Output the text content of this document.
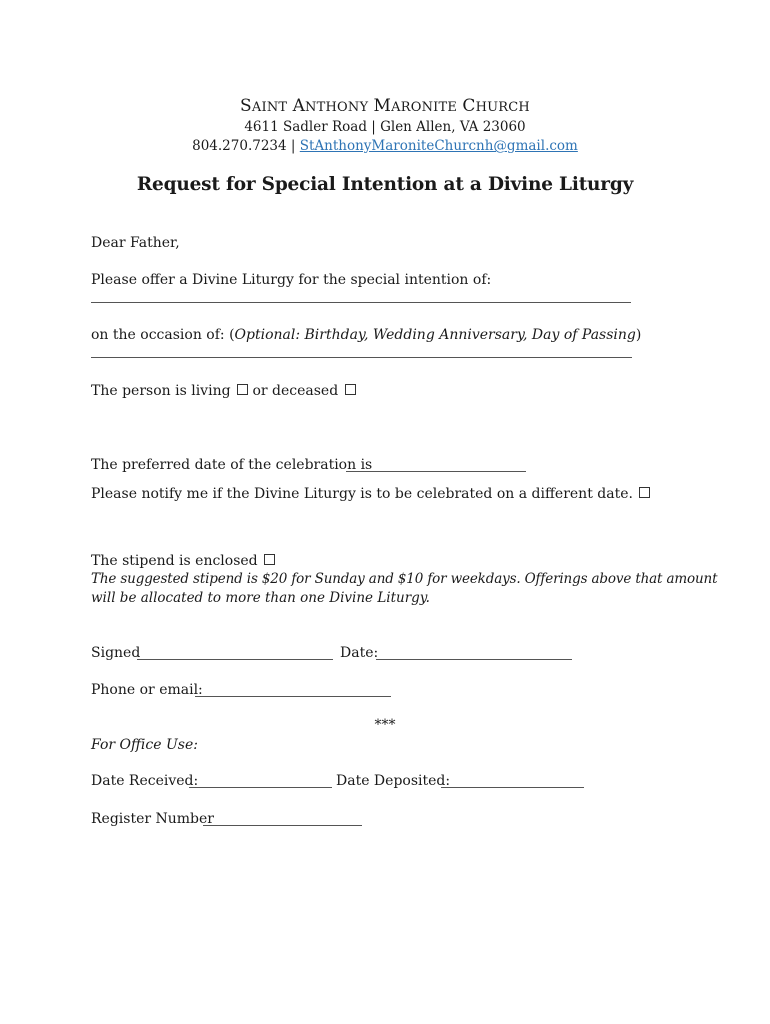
SAINT ANTHONY MARONITE CHURCH
4611 Sadler Road | Glen Allen, VA 23060
804.270.7234 | StAnthonyMaroniteChurcnh@gmail.com
Request for Special Intention at a Divine Liturgy
Dear Father,
Please offer a Divine Liturgy for the special intention of:
on the occasion of: (Optional: Birthday, Wedding Anniversary, Day of Passing)
The person is living or deceased
The preferred date of the celebration is
Please notify me if the Divine Liturgy is to be celebrated on a different date.
The stipend is enclosed
The suggested stipend is $20 for Sunday and $10 for weekdays. Offerings above that amount
will be allocated to more than one Divine Liturgy.
Signed	Date:
Phone or email:
***
For Office Use:
Date Received:	Date Deposited:
Register Number
